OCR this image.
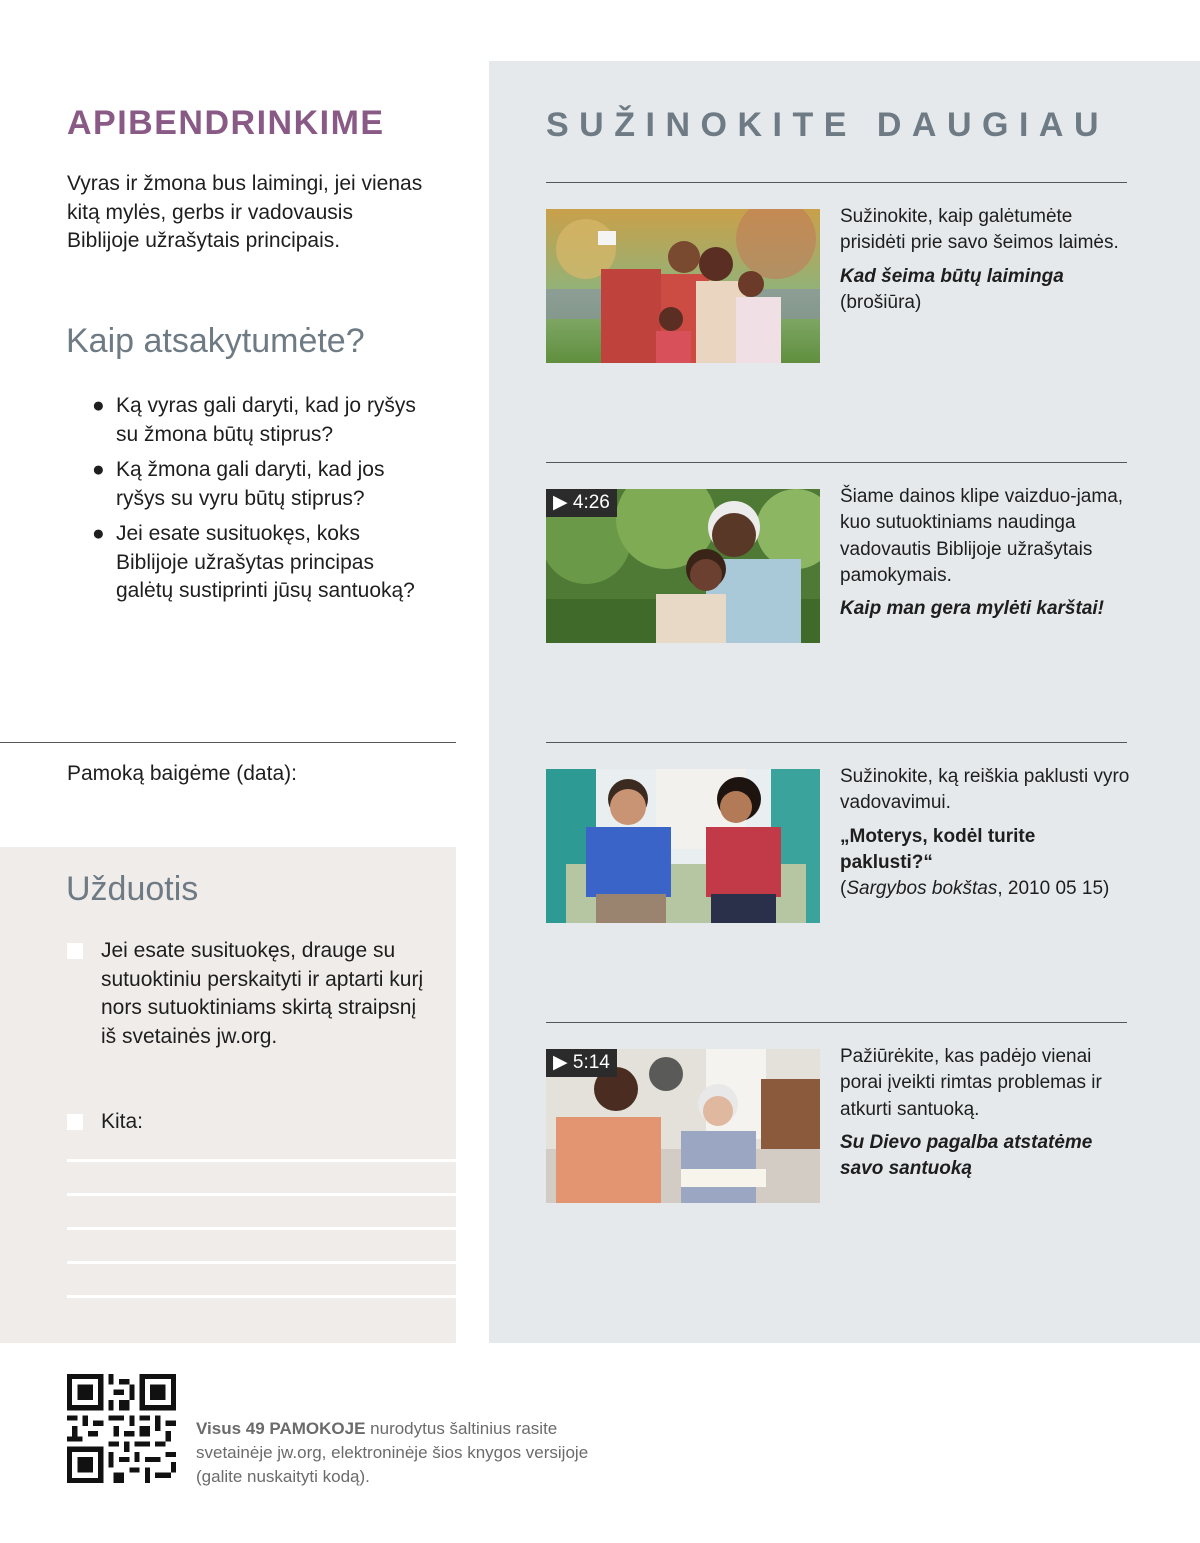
APIBENDRINKIME
Vyras ir žmona bus laimingi, jei vienas kitą mylės, gerbs ir vadovausis Biblijoje užrašytais principais.
Kaip atsakytumėte?
● Ką vyras gali daryti, kad jo ryšys su žmona būtų stiprus?
● Ką žmona gali daryti, kad jos ryšys su vyru būtų stiprus?
● Jei esate susituokęs, koks Biblijoje užrašytas principas galėtų sustiprinti jūsų santuoką?
Pamoką baigėme (data):
Užduotis
Jei esate susituokęs, drauge su sutuoktiniu perskaityti ir aptarti kurį nors sutuoktiniams skirtą straipsnį iš svetainės jw.org.
Kita:
SUŽINOKITE DAUGIAU
Sužinokite, kaip galėtumėte prisidėti prie savo šeimos laimės.
Kad šeima būtų laiminga
(brošiūra)
▶ 4:26	Šiame dainos klipe vaizduo-jama, kuo sutuoktiniams naudinga vadovautis Biblijoje užrašytais pamokymais.
Kaip man gera mylėti karštai!
Sužinokite, ką reiškia paklusti vyro vadovavimui.
„Moterys, kodėl turite paklusti?“
(Sargybos bokštas, 2010 05 15)
▶ 5:14	Pažiūrėkite, kas padėjo vienai porai įveikti rimtas problemas ir atkurti santuoką.
Su Dievo pagalba atstatėme savo santuoką
Visus 49 PAMOKOJE nurodytus šaltinius rasite svetainėje jw.org, elektroninėje šios knygos versijoje (galite nuskaityti kodą).
